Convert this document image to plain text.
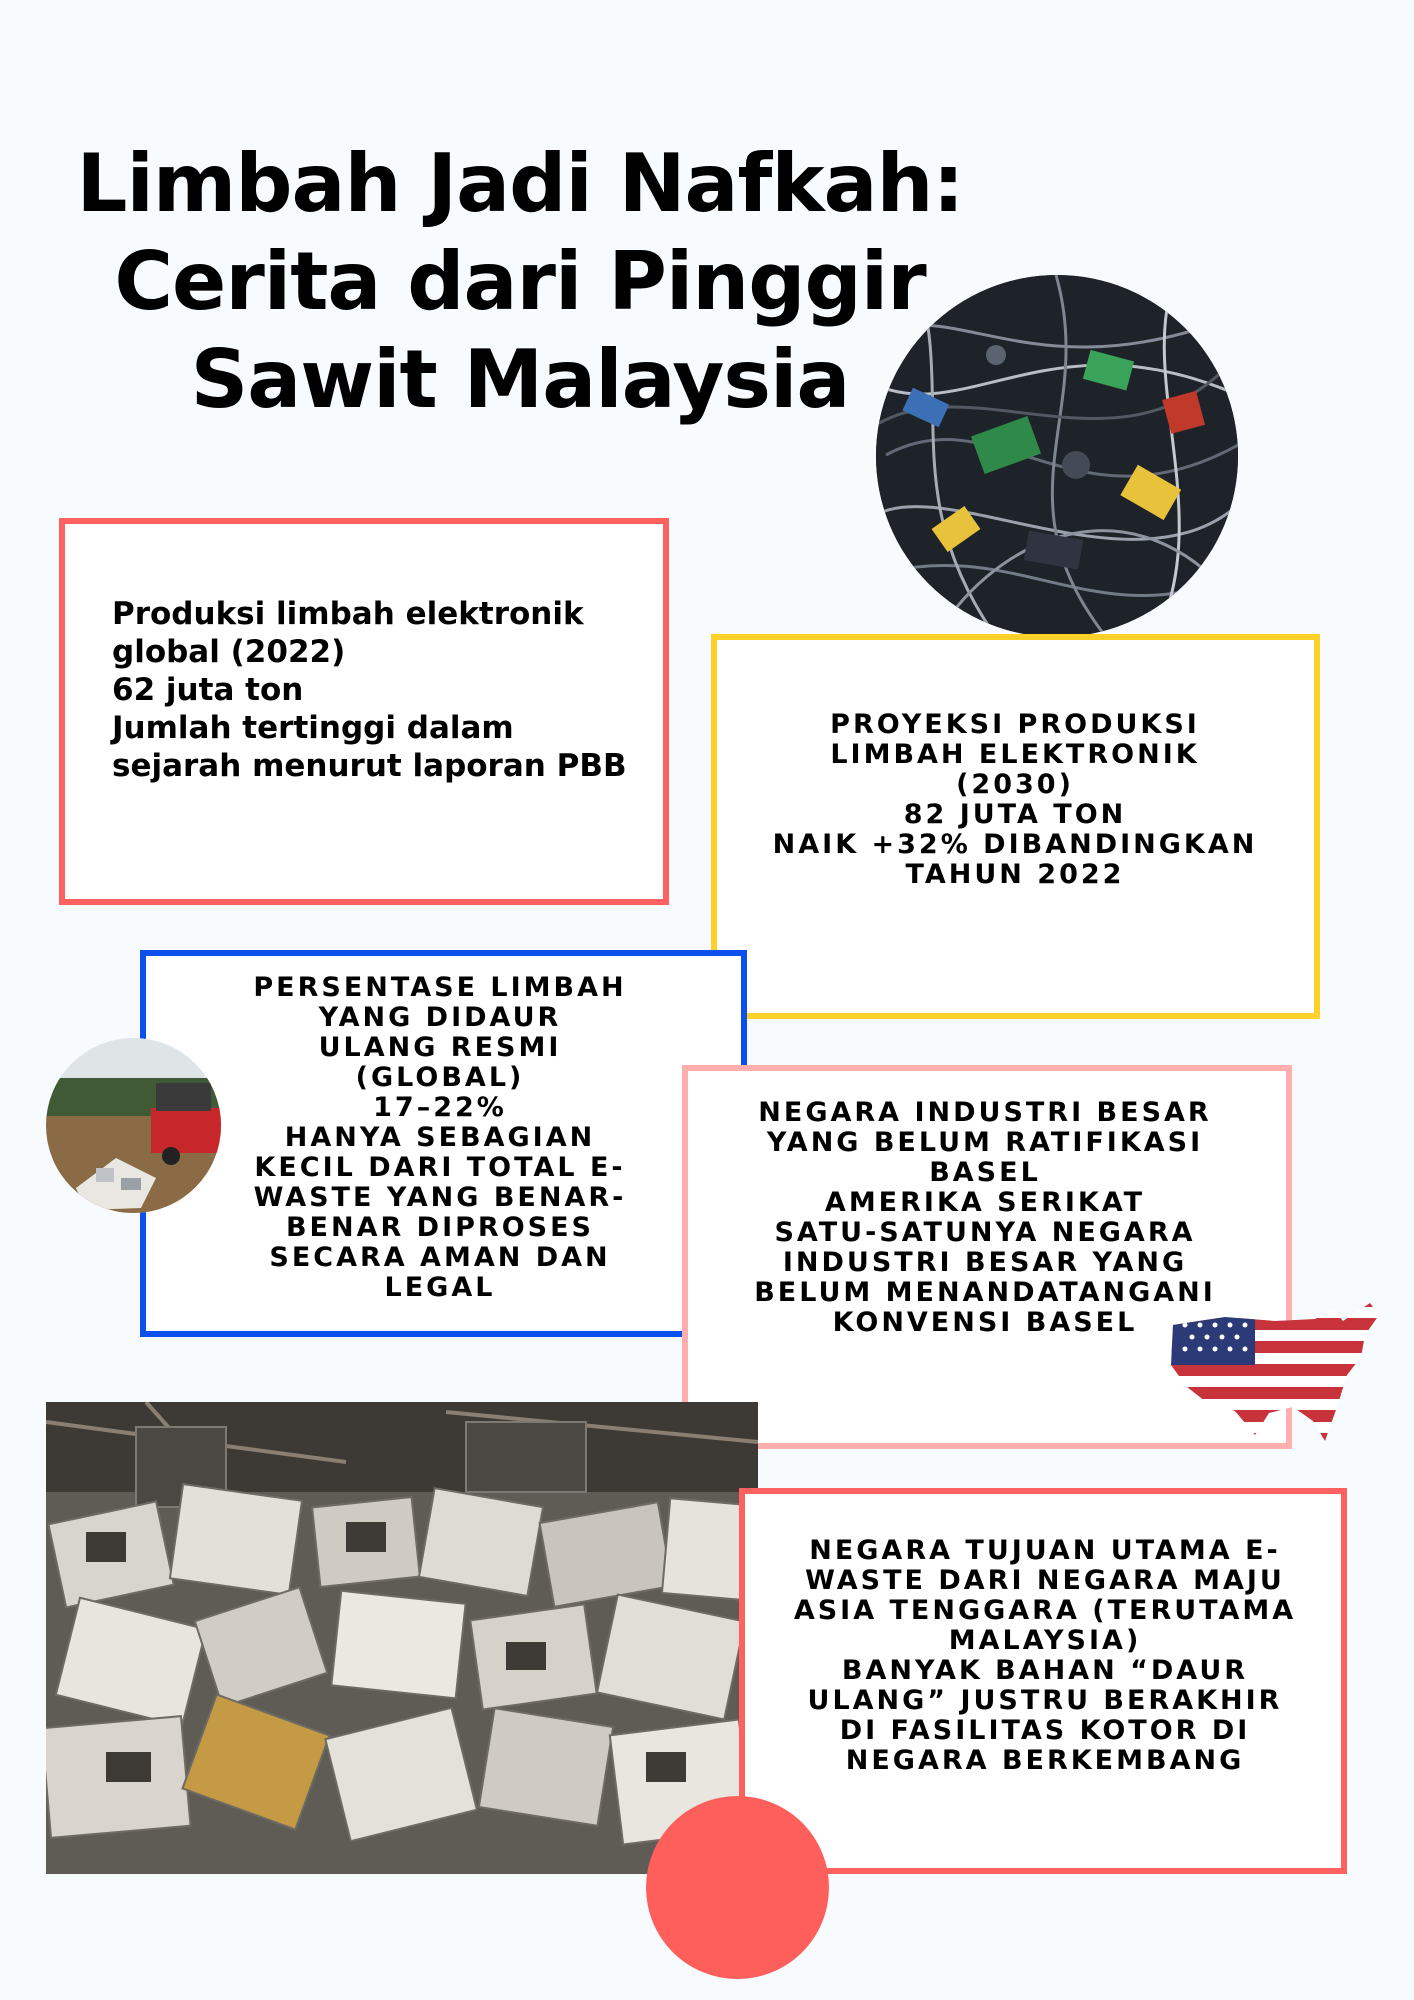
Limbah Jadi Nafkah:
Cerita dari Pinggir
Sawit Malaysia
Produksi limbah elektronik
global (2022)
62 juta ton
Jumlah tertinggi dalam
sejarah menurut laporan PBB
PROYEKSI PRODUKSI
LIMBAH ELEKTRONIK
(2030)
82 JUTA TON
NAIK +32% DIBANDINGKAN
TAHUN 2022
PERSENTASE LIMBAH
YANG DIDAUR
ULANG RESMI
(GLOBAL)
17–22%
HANYA SEBAGIAN
KECIL DARI TOTAL E-
WASTE YANG BENAR-
BENAR DIPROSES
SECARA AMAN DAN
LEGAL
NEGARA INDUSTRI BESAR
YANG BELUM RATIFIKASI
BASEL
AMERIKA SERIKAT
SATU-SATUNYA NEGARA
INDUSTRI BESAR YANG
BELUM MENANDATANGANI
KONVENSI BASEL
NEGARA TUJUAN UTAMA E-
WASTE DARI NEGARA MAJU
ASIA TENGGARA (TERUTAMA
MALAYSIA)
BANYAK BAHAN “DAUR
ULANG” JUSTRU BERAKHIR
DI FASILITAS KOTOR DI
NEGARA BERKEMBANG
